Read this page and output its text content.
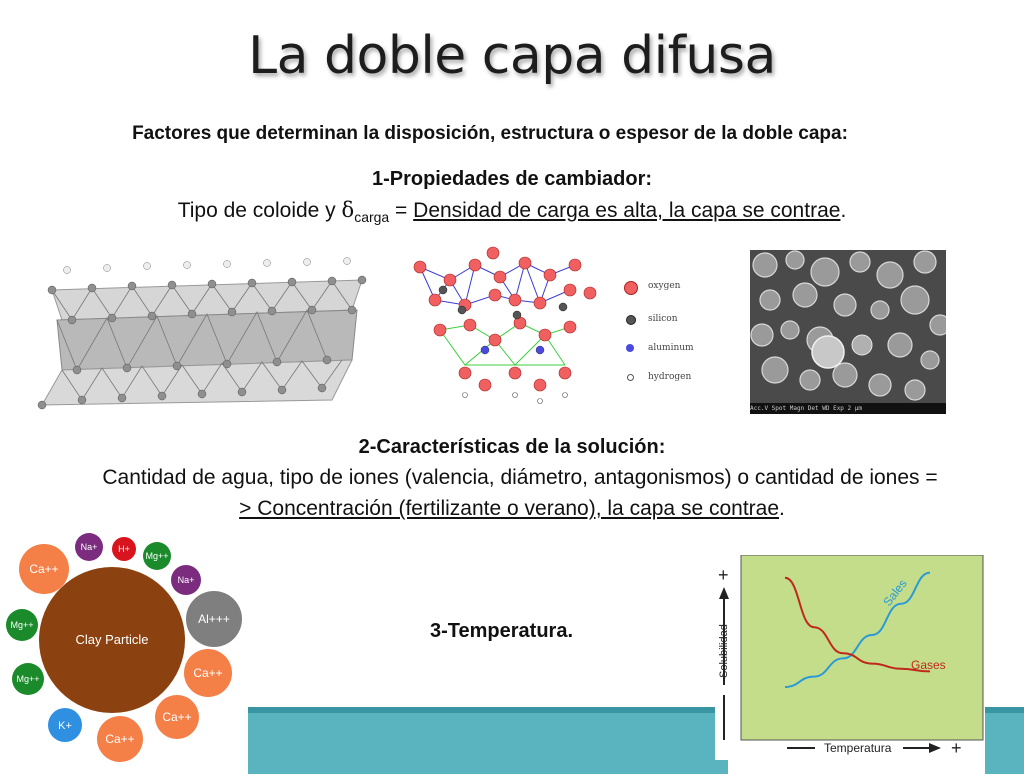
La doble capa difusa
Factores que determinan la disposición, estructura o espesor de la doble capa:
1-Propiedades de cambiador:
Tipo de coloide y $\delta_{carga}$ = Densidad de carga es alta, la capa se contrae.
oxygen
silicon
aluminum
hydrogen
Acc.V Spot Magn Det WD Exp 2 µm
2-Características de la solución:
Cantidad de agua, tipo de iones (valencia, diámetro, antagonismos) o cantidad de iones =
> Concentración (fertilizante o verano), la capa se contrae.
Clay Particle
Na+ H+
Mg++
Na+
Ca++
Al+++
Mg++
Ca++
Mg++
Ca++
K+
Ca++
3-Temperatura.
+
Solubilidad
Temperatura	+
Sales
Gases
